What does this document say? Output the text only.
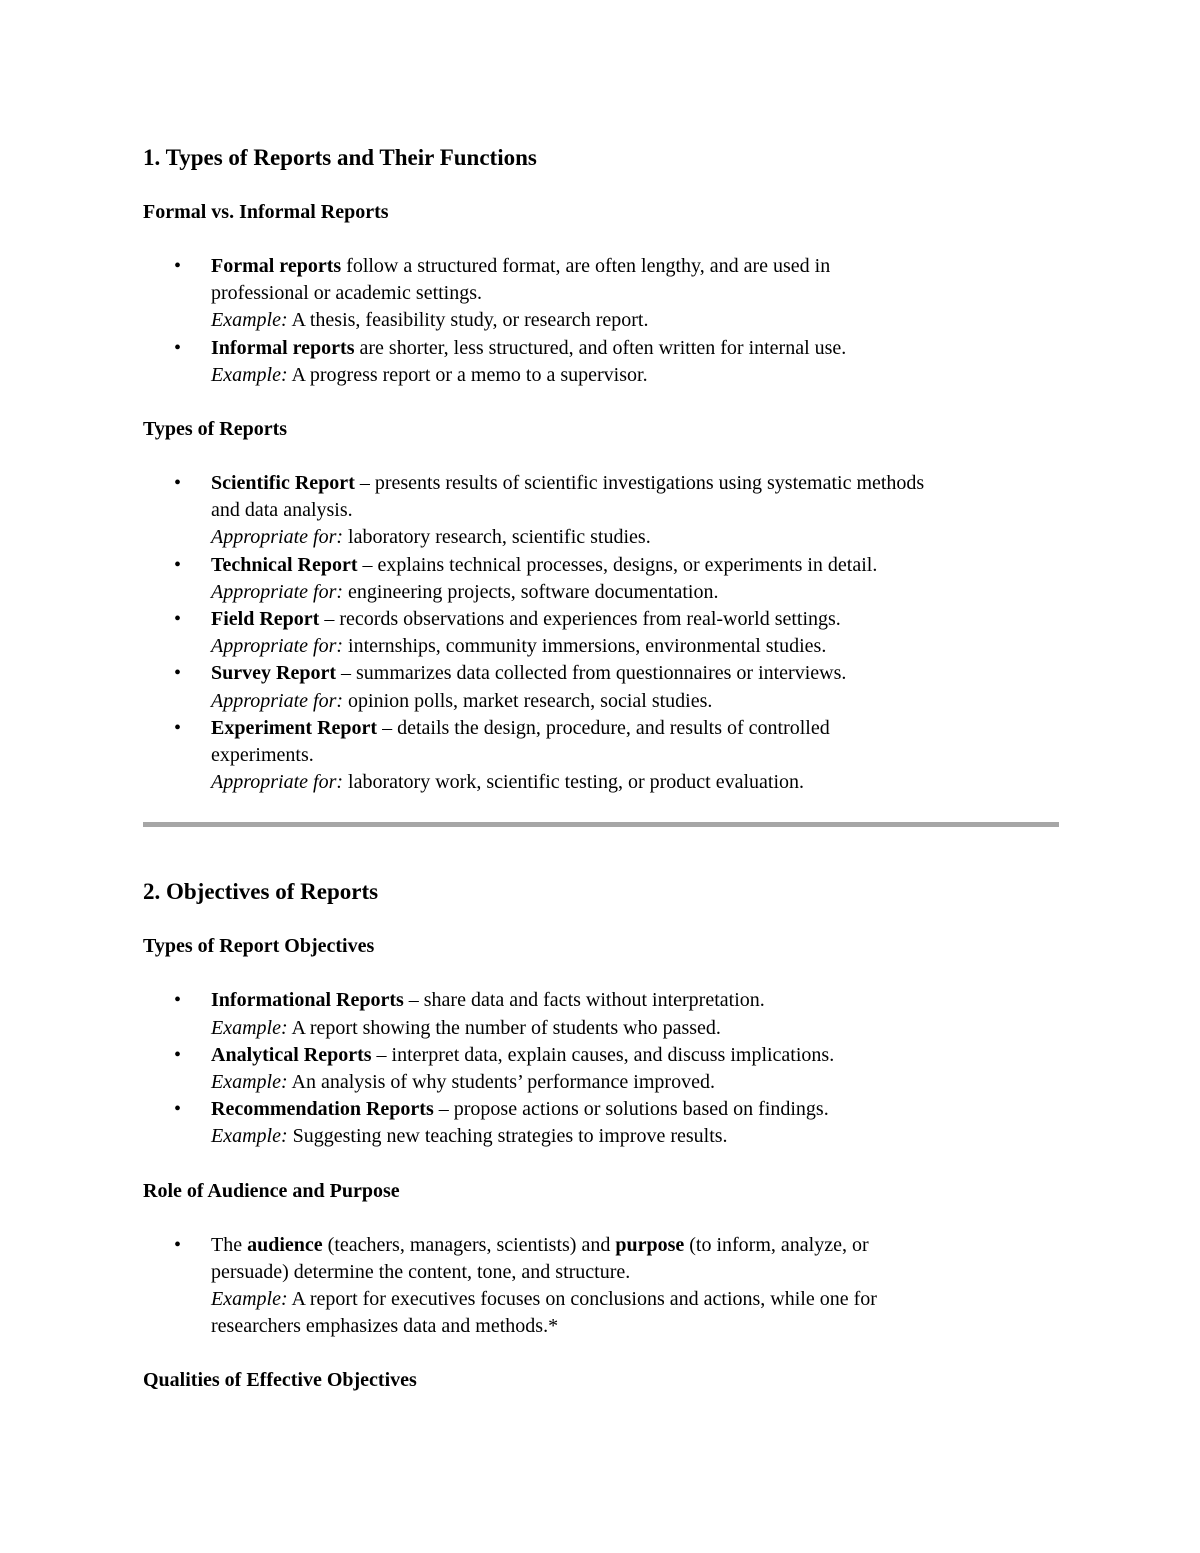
1. Types of Reports and Their Functions
Formal vs. Informal Reports
• Formal reports follow a structured format, are often lengthy, and are used in
professional or academic settings.
Example: A thesis, feasibility study, or research report.
• Informal reports are shorter, less structured, and often written for internal use.
Example: A progress report or a memo to a supervisor.
Types of Reports
• Scientific Report – presents results of scientific investigations using systematic methods
and data analysis.
Appropriate for: laboratory research, scientific studies.
• Technical Report – explains technical processes, designs, or experiments in detail.
Appropriate for: engineering projects, software documentation.
• Field Report – records observations and experiences from real-world settings.
Appropriate for: internships, community immersions, environmental studies.
• Survey Report – summarizes data collected from questionnaires or interviews.
Appropriate for: opinion polls, market research, social studies.
• Experiment Report – details the design, procedure, and results of controlled
experiments.
Appropriate for: laboratory work, scientific testing, or product evaluation.
2. Objectives of Reports
Types of Report Objectives
• Informational Reports – share data and facts without interpretation.
Example: A report showing the number of students who passed.
• Analytical Reports – interpret data, explain causes, and discuss implications.
Example: An analysis of why students’ performance improved.
• Recommendation Reports – propose actions or solutions based on findings.
Example: Suggesting new teaching strategies to improve results.
Role of Audience and Purpose
• The audience (teachers, managers, scientists) and purpose (to inform, analyze, or
persuade) determine the content, tone, and structure.
Example: A report for executives focuses on conclusions and actions, while one for
researchers emphasizes data and methods.*
Qualities of Effective Objectives
